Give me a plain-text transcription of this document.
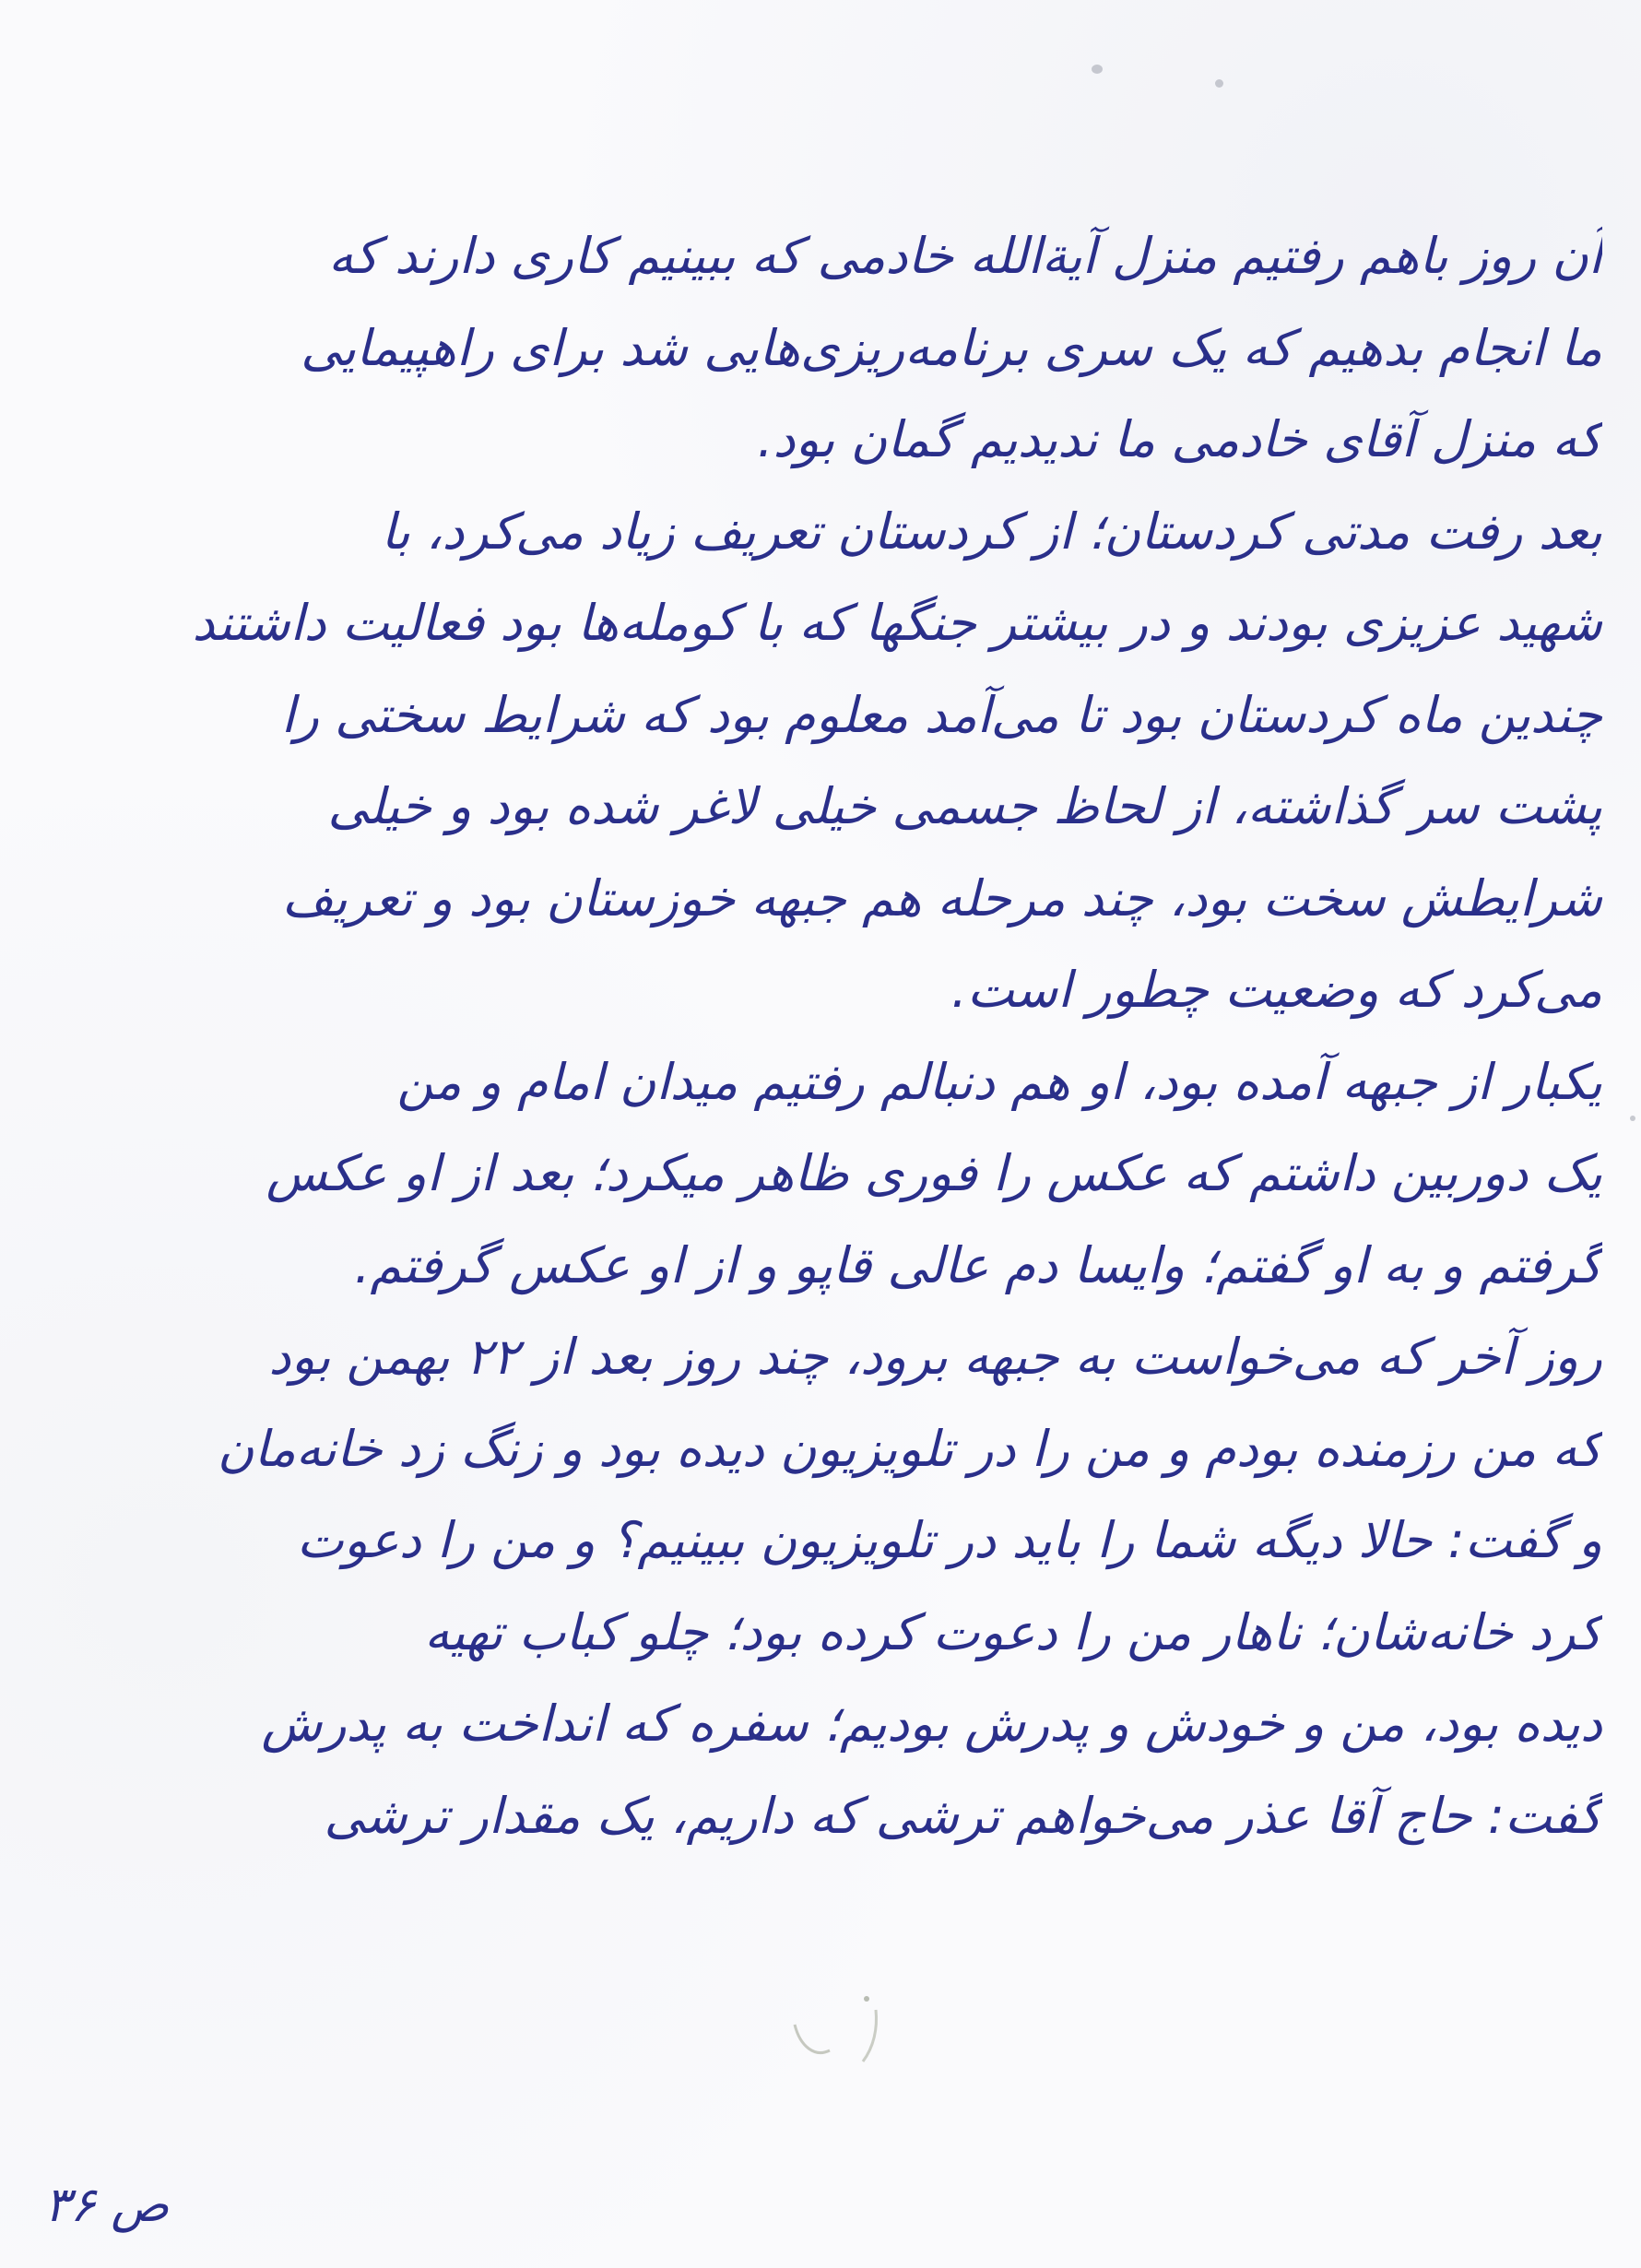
آن روز باهم رفتیم منزل آیة‌الله خادمی که ببینیم کاری دارند که
ما انجام بدهیم که یک سری برنامه‌ریزی‌هایی شد برای راهپیمایی
که منزل آقای خادمی ما ندیدیم گمان بود.
بعد رفت مدتی کردستان؛ از کردستان تعریف زیاد می‌کرد، با
شهید عزیزی بودند و در بیشتر جنگها که با کومله‌ها بود فعالیت داشتند
چندین ماه کردستان بود تا می‌آمد معلوم بود که شرایط سختی را
پشت سر گذاشته، از لحاظ جسمی خیلی لاغر شده بود و خیلی
شرایطش سخت بود، چند مرحله هم جبهه خوزستان بود و تعریف
می‌کرد که وضعیت چطور است.
یکبار از جبهه آمده بود، او هم دنبالم رفتیم میدان امام و من
یک دوربین داشتم که عکس را فوری ظاهر میکرد؛ بعد از او عکس
گرفتم و به او گفتم؛ وایسا دم عالی قاپو و از او عکس گرفتم.
روز آخر که می‌خواست به جبهه برود، چند روز بعد از ۲۲ بهمن بود
که من رزمنده بودم و من را در تلویزیون دیده بود و زنگ زد خانه‌مان
و گفت: حالا دیگه شما را باید در تلویزیون ببینیم؟ و من را دعوت
کرد خانه‌شان؛ ناهار من را دعوت کرده بود؛ چلو کباب تهیه
دیده بود، من و خودش و پدرش بودیم؛ سفره که انداخت به پدرش
گفت: حاج آقا عذر می‌خواهم ترشی که داریم، یک مقدار ترشی
ص ۳۶
